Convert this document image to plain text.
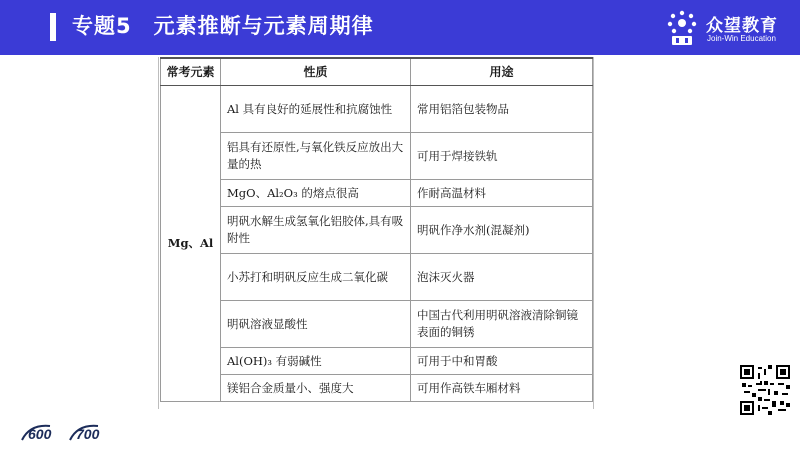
专题5 元素推断与元素周期律	众望教育
Join-Win Education
常考元素	性质	用途
Mg、Al	Al 具有良好的延展性和抗腐蚀性	常用铝箔包装物品
	铝具有还原性,与氧化铁反应放出大量的热	可用于焊接铁轨
	MgO、Al₂O₃ 的熔点很高	作耐高温材料
	明矾水解生成氢氧化铝胶体,具有吸附性	明矾作净水剂(混凝剂)
	小苏打和明矾反应生成二氧化碳	泡沫灭火器
	明矾溶液显酸性	中国古代利用明矾溶液清除铜镜表面的铜锈
	Al(OH)₃ 有弱碱性	可用于中和胃酸
	镁铝合金质量小、强度大	可用作高铁车厢材料
600 700
